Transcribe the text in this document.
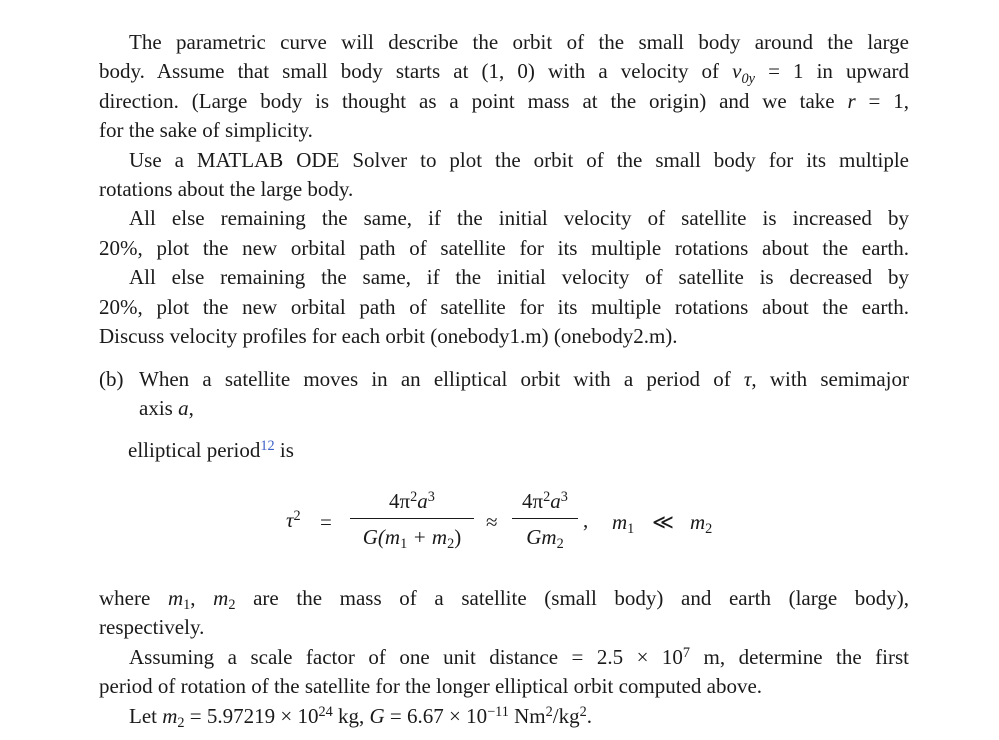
The parametric curve will describe the orbit of the small body around the large
body. Assume that small body starts at (1, 0) with a velocity of $v_{0y} = 1$ in upward
direction. (Large body is thought as a point mass at the origin) and we take r = 1,
for the sake of simplicity.
Use a MATLAB ODE Solver to plot the orbit of the small body for its multiple
rotations about the large body.
All else remaining the same, if the initial velocity of satellite is increased by
20%, plot the new orbital path of satellite for its multiple rotations about the earth.
All else remaining the same, if the initial velocity of satellite is decreased by
20%, plot the new orbital path of satellite for its multiple rotations about the earth.
Discuss velocity profiles for each orbit (onebody1.m) (onebody2.m).
(b) When a satellite moves in an elliptical orbit with a period of τ, with semimajor
axis a,
elliptical period$^{12}$ is
$\tau^2$ =
$4\pi^2a^3$
$G(m_1 + m_2)$
≈
$4\pi^2a^3$
$Gm_2$
, $m_1$ ≪ $m_2$
where $m_1$, $m_2$ are the mass of a satellite (small body) and earth (large body),
respectively.
Assuming a scale factor of one unit distance = $2.5 \times 10^7$ m, determine the first
period of rotation of the satellite for the longer elliptical orbit computed above.
Let $m_2 = 5.97219 \times 10^{24}$ kg, $G = 6.67 \times 10^{-11}$ $Nm^2/kg^2$.
